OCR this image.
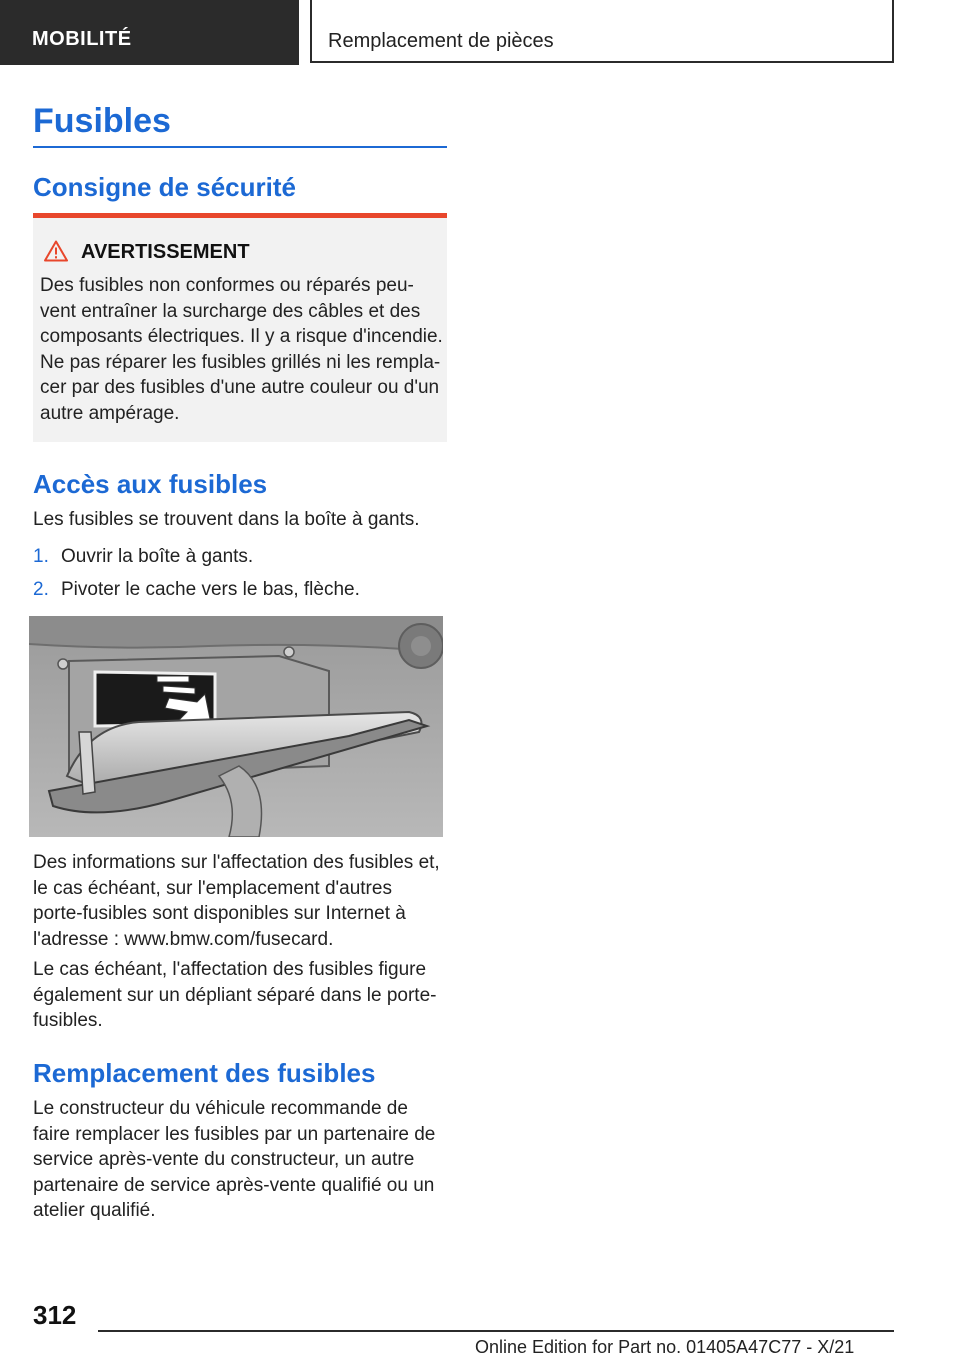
MOBILITÉ	Remplacement de pièces
Fusibles
Consigne de sécurité
AVERTISSEMENT

Des fusibles non conformes ou réparés peu-
vent entraîner la surcharge des câbles et des
composants électriques. Il y a risque d'incendie.
Ne pas réparer les fusibles grillés ni les rempla-
cer par des fusibles d'une autre couleur ou d'un
autre ampérage.

Accès aux fusibles

Les fusibles se trouvent dans la boîte à gants.

1. Ouvrir la boîte à gants.
2. Pivoter le cache vers le bas, flèche.

Des informations sur l'affectation des fusibles et,
le cas échéant, sur l'emplacement d'autres
porte-fusibles sont disponibles sur Internet à
l'adresse : www.bmw.com/fusecard.

Le cas échéant, l'affectation des fusibles figure
également sur un dépliant séparé dans le porte-
fusibles.

Remplacement des fusibles

Le constructeur du véhicule recommande de
faire remplacer les fusibles par un partenaire de
service après-vente du constructeur, un autre
partenaire de service après-vente qualifié ou un
atelier qualifié.

312
Online Edition for Part no. 01405A47C77 - X/21
